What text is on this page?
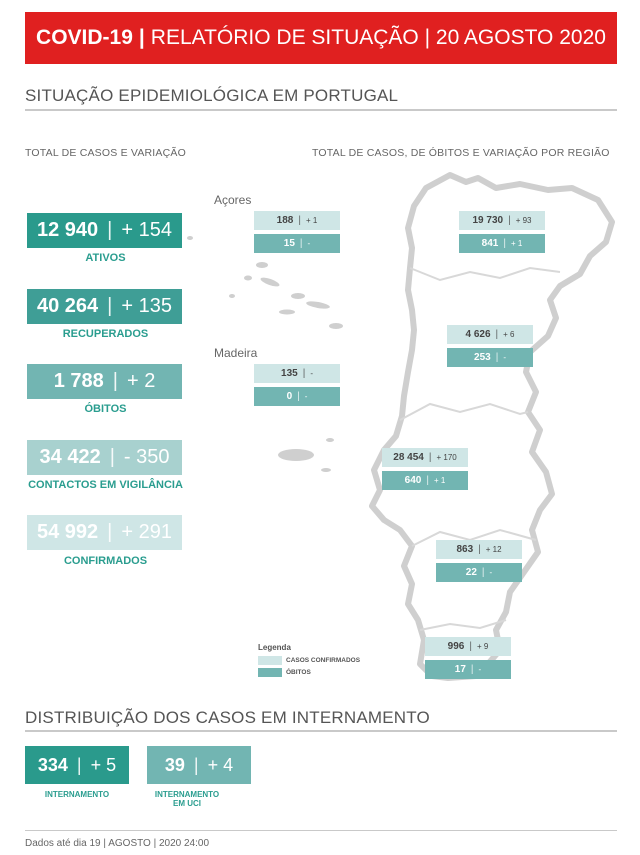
COVID-19 | RELATÓRIO DE SITUAÇÃO | 20 AGOSTO 2020
SITUAÇÃO EPIDEMIOLÓGICA EM PORTUGAL
TOTAL DE CASOS E VARIAÇÃO	TOTAL DE CASOS, DE ÓBITOS E VARIAÇÃO POR REGIÃO
12 940 | + 154
ATIVOS
40 264 | + 135
RECUPERADOS
1 788 | + 2
ÓBITOS
34 422 | - 350
CONTACTOS EM VIGILÂNCIA
54 992 | + 291
CONFIRMADOS
Açores
Madeira
188 | + 1
15 | -
135 | -
0 | -
19 730 | + 93
841 | + 1
4 626 | + 6
253 | -
28 454 | + 170
640 | + 1
863 | + 12
22 | -
996 | + 9
17 | -
Legenda
CASOS CONFIRMADOS
ÓBITOS
DISTRIBUIÇÃO DOS CASOS EM INTERNAMENTO
334 | + 5
INTERNAMENTO
39 | + 4
INTERNAMENTO
EM UCI
Dados até dia 19 | AGOSTO | 2020 24:00
